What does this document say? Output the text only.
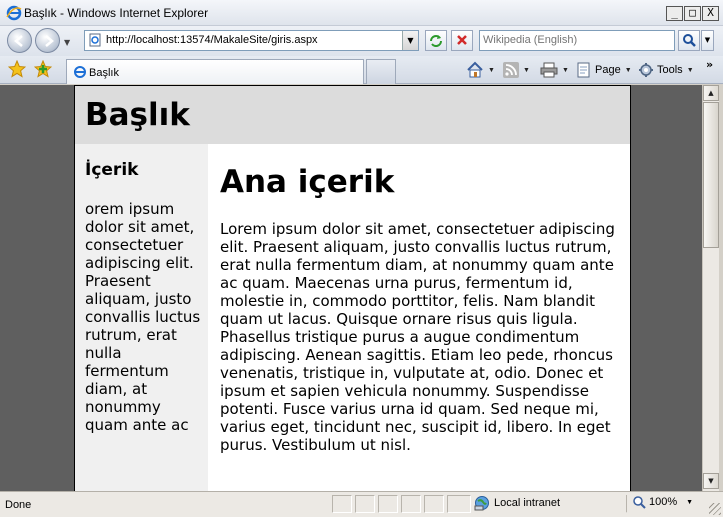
Başlık - Windows Internet Explorer	_	□	X
▼	http://localhost:13574/MakaleSite/giris.aspx	▼
Wikipedia (English)	▼
Başlık	▼	▼	▼ Page ▼ Tools ▼ »
Başlık
İçerik

orem ipsum dolor sit amet, consectetuer adipiscing elit. Praesent aliquam, justo convallis luctus rutrum, erat nulla fermentum diam, at nonummy quam ante ac

Ana içerik

Lorem ipsum dolor sit amet, consectetuer adipiscing elit. Praesent aliquam, justo convallis luctus rutrum, erat nulla fermentum diam, at nonummy quam ante ac quam. Maecenas urna purus, fermentum id, molestie in, commodo porttitor, felis. Nam blandit quam ut lacus. Quisque ornare risus quis ligula. Phasellus tristique purus a augue condimentum adipiscing. Aenean sagittis. Etiam leo pede, rhoncus venenatis, tristique in, vulputate at, odio. Donec et ipsum et sapien vehicula nonummy. Suspendisse potenti. Fusce varius urna id quam. Sed neque mi, varius eget, tincidunt nec, suscipit id, libero. In eget purus. Vestibulum ut nisl.

▲
▼
Done	Local intranet	100% ▼
